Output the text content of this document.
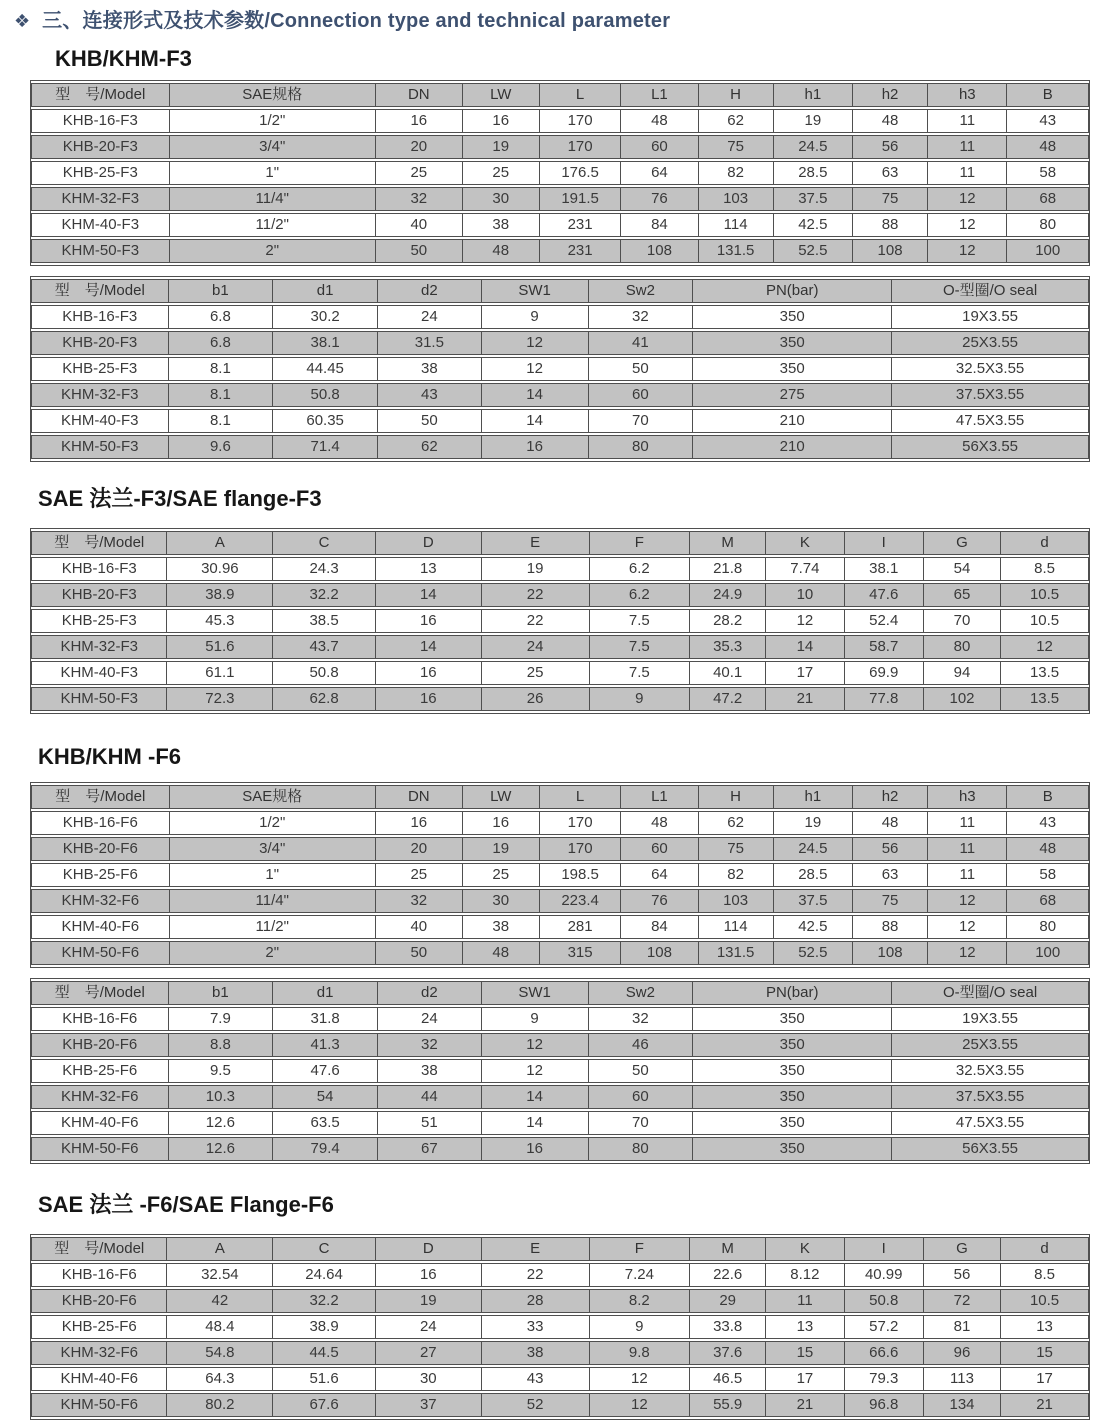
❖ 三、连接形式及技术参数/Connection type and technical parameter
KHB/KHM-F3
型　号/Model	SAE规格	DN	LW	L	L1	H	h1	h2	h3	B
KHB-16-F3	1/2"	16	16	170	48	62	19	48	11	43
KHB-20-F3	3/4"	20	19	170	60	75	24.5	56	11	48
KHB-25-F3	1"	25	25	176.5	64	82	28.5	63	11	58
KHM-32-F3	11/4"	32	30	191.5	76	103	37.5	75	12	68
KHM-40-F3	11/2"	40	38	231	84	114	42.5	88	12	80
KHM-50-F3	2"	50	48	231	108	131.5	52.5	108	12	100
型　号/Model	b1	d1	d2	SW1	Sw2	PN(bar)	O-型圈/O seal
KHB-16-F3	6.8	30.2	24	9	32	350	19X3.55
KHB-20-F3	6.8	38.1	31.5	12	41	350	25X3.55
KHB-25-F3	8.1	44.45	38	12	50	350	32.5X3.55
KHM-32-F3	8.1	50.8	43	14	60	275	37.5X3.55
KHM-40-F3	8.1	60.35	50	14	70	210	47.5X3.55
KHM-50-F3	9.6	71.4	62	16	80	210	56X3.55
SAE 法兰-F3/SAE flange-F3
型　号/Model	A	C	D	E	F	M	K	I	G	d
KHB-16-F3	30.96	24.3	13	19	6.2	21.8	7.74	38.1	54	8.5
KHB-20-F3	38.9	32.2	14	22	6.2	24.9	10	47.6	65	10.5
KHB-25-F3	45.3	38.5	16	22	7.5	28.2	12	52.4	70	10.5
KHM-32-F3	51.6	43.7	14	24	7.5	35.3	14	58.7	80	12
KHM-40-F3	61.1	50.8	16	25	7.5	40.1	17	69.9	94	13.5
KHM-50-F3	72.3	62.8	16	26	9	47.2	21	77.8	102	13.5
KHB/KHM -F6
型　号/Model	SAE规格	DN	LW	L	L1	H	h1	h2	h3	B
KHB-16-F6	1/2"	16	16	170	48	62	19	48	11	43
KHB-20-F6	3/4"	20	19	170	60	75	24.5	56	11	48
KHB-25-F6	1"	25	25	198.5	64	82	28.5	63	11	58
KHM-32-F6	11/4"	32	30	223.4	76	103	37.5	75	12	68
KHM-40-F6	11/2"	40	38	281	84	114	42.5	88	12	80
KHM-50-F6	2"	50	48	315	108	131.5	52.5	108	12	100
型　号/Model	b1	d1	d2	SW1	Sw2	PN(bar)	O-型圈/O seal
KHB-16-F6	7.9	31.8	24	9	32	350	19X3.55
KHB-20-F6	8.8	41.3	32	12	46	350	25X3.55
KHB-25-F6	9.5	47.6	38	12	50	350	32.5X3.55
KHM-32-F6	10.3	54	44	14	60	350	37.5X3.55
KHM-40-F6	12.6	63.5	51	14	70	350	47.5X3.55
KHM-50-F6	12.6	79.4	67	16	80	350	56X3.55
SAE 法兰 -F6/SAE Flange-F6
型　号/Model	A	C	D	E	F	M	K	I	G	d
KHB-16-F6	32.54	24.64	16	22	7.24	22.6	8.12	40.99	56	8.5
KHB-20-F6	42	32.2	19	28	8.2	29	11	50.8	72	10.5
KHB-25-F6	48.4	38.9	24	33	9	33.8	13	57.2	81	13
KHM-32-F6	54.8	44.5	27	38	9.8	37.6	15	66.6	96	15
KHM-40-F6	64.3	51.6	30	43	12	46.5	17	79.3	113	17
KHM-50-F6	80.2	67.6	37	52	12	55.9	21	96.8	134	21
